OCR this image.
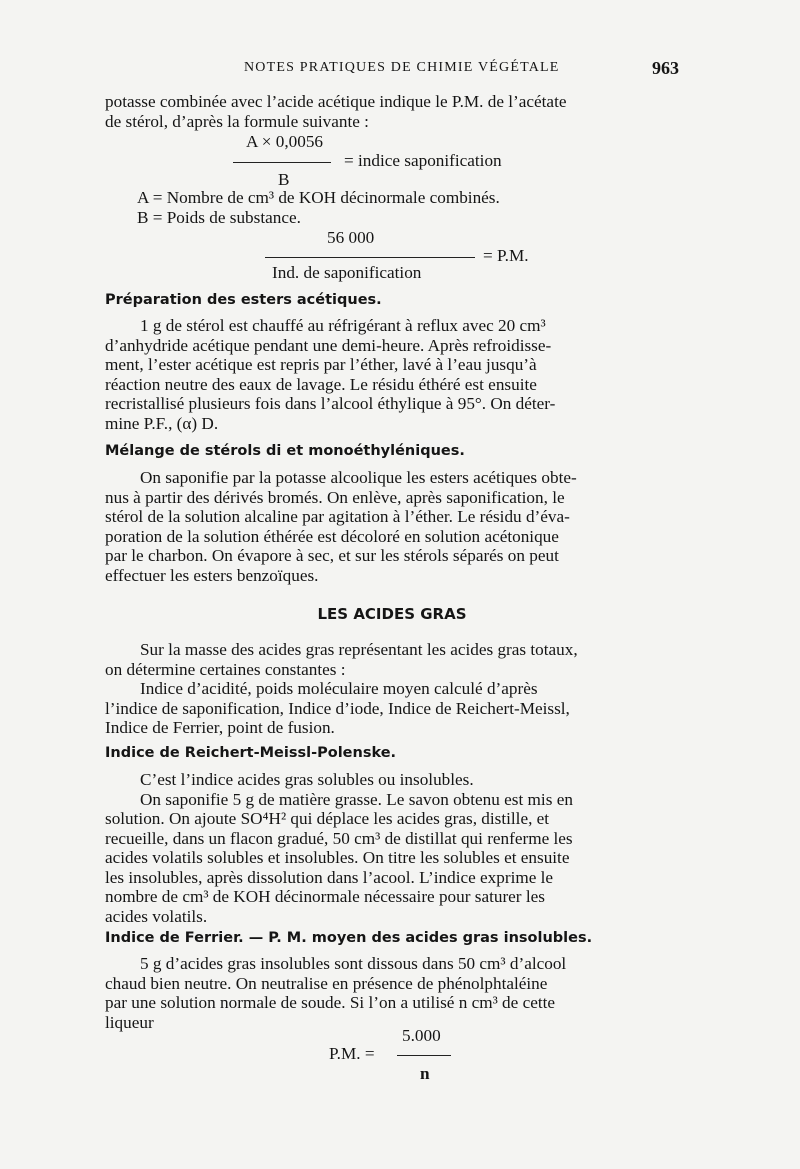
NOTES PRATIQUES DE CHIMIE VÉGÉTALE	963

potasse combinée avec l’acide acétique indique le P.M. de l’acétate

de stérol, d’après la formule suivante :

A × 0,0056
= indice saponification
B
A = Nombre de cm³ de KOH décinormale combinés.
B = Poids de substance.
56 000
= P.M.
Ind. de saponification
Préparation des esters acétiques.

1 g de stérol est chauffé au réfrigérant à reflux avec 20 cm³

d’anhydride acétique pendant une demi-heure. Après refroidisse-

ment, l’ester acétique est repris par l’éther, lavé à l’eau jusqu’à

réaction neutre des eaux de lavage. Le résidu éthéré est ensuite

recristallisé plusieurs fois dans l’alcool éthylique à 95°. On déter-

mine P.F., (α) D.

Mélange de stérols di et monoéthyléniques.

On saponifie par la potasse alcoolique les esters acétiques obte-

nus à partir des dérivés bromés. On enlève, après saponification, le

stérol de la solution alcaline par agitation à l’éther. Le résidu d’éva-

poration de la solution éthérée est décoloré en solution acétonique

par le charbon. On évapore à sec, et sur les stérols séparés on peut

effectuer les esters benzoïques.

LES ACIDES GRAS

Sur la masse des acides gras représentant les acides gras totaux,

on détermine certaines constantes :

Indice d’acidité, poids moléculaire moyen calculé d’après

l’indice de saponification, Indice d’iode, Indice de Reichert-Meissl,

Indice de Ferrier, point de fusion.

Indice de Reichert-Meissl-Polenske.

C’est l’indice acides gras solubles ou insolubles.

On saponifie 5 g de matière grasse. Le savon obtenu est mis en

solution. On ajoute SO⁴H² qui déplace les acides gras, distille, et

recueille, dans un flacon gradué, 50 cm³ de distillat qui renferme les

acides volatils solubles et insolubles. On titre les solubles et ensuite

les insolubles, après dissolution dans l’acool. L’indice exprime le

nombre de cm³ de KOH décinormale nécessaire pour saturer les

acides volatils.

Indice de Ferrier. — P. M. moyen des acides gras insolubles.

5 g d’acides gras insolubles sont dissous dans 50 cm³ d’alcool

chaud bien neutre. On neutralise en présence de phénolphtaléine

par une solution normale de soude. Si l’on a utilisé n cm³ de cette

liqueur

5.000
P.M. =
n
